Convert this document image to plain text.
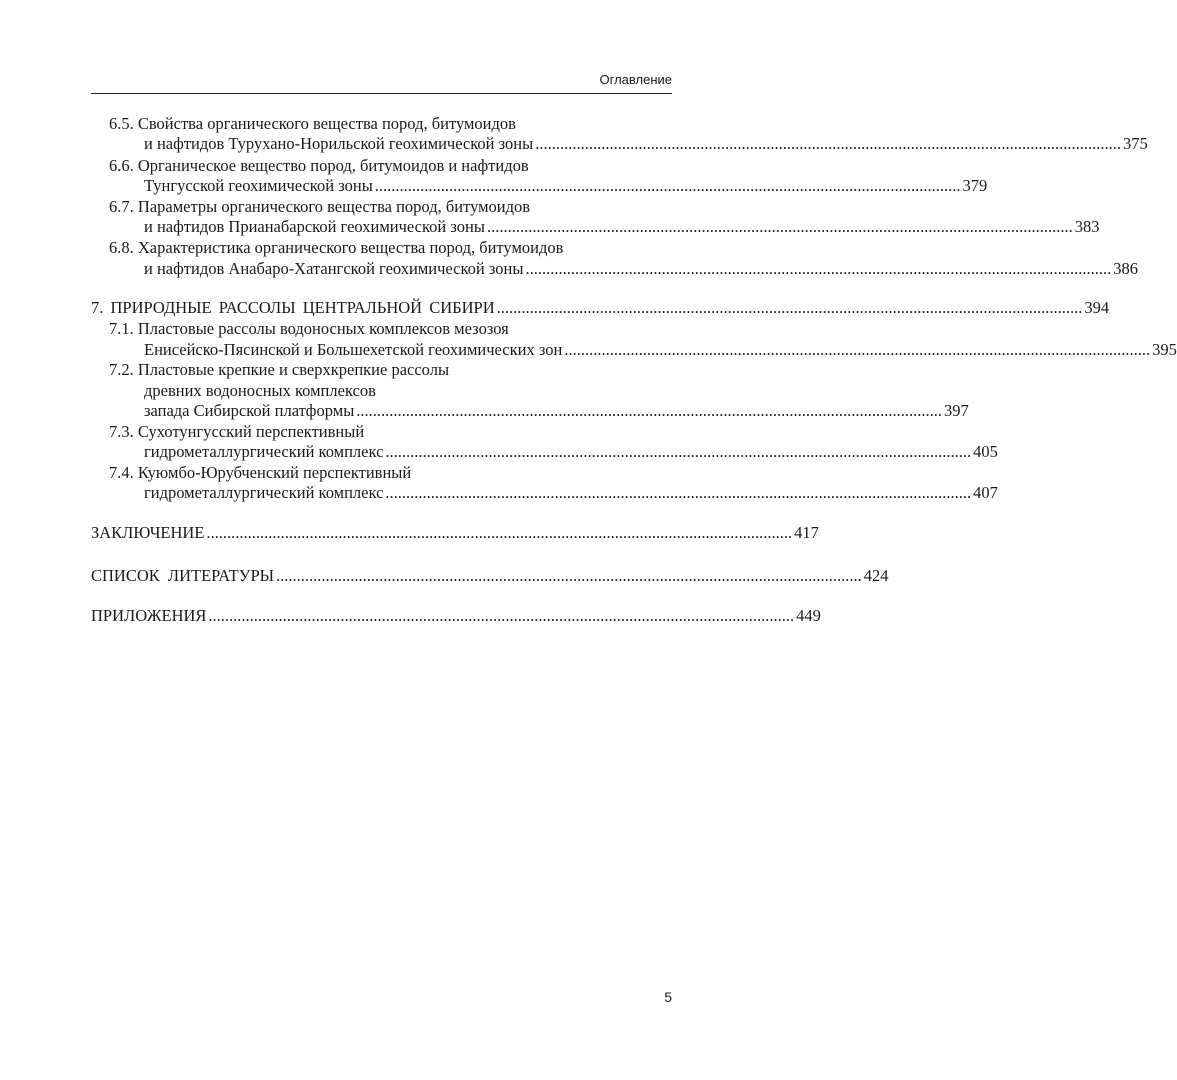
Оглавление
6.5. Свойства органического вещества пород, битумоидов
и нафтидов Турухано-Норильской геохимической зоны .............................................................................................................................................. 375
6.6. Органическое вещество пород, битумоидов и нафтидов
Тунгусской геохимической зоны .............................................................................................................................................. 379
6.7. Параметры органического вещества пород, битумоидов
и нафтидов Прианабарской геохимической зоны .............................................................................................................................................. 383
6.8. Характеристика органического вещества пород, битумоидов
и нафтидов Анабаро-Хатангской геохимической зоны .............................................................................................................................................. 386
7. ПРИРОДНЫЕ РАССОЛЫ ЦЕНТРАЛЬНОЙ СИБИРИ .............................................................................................................................................. 394
7.1. Пластовые рассолы водоносных комплексов мезозоя
Енисейско-Пясинской и Большехетской геохимических зон .............................................................................................................................................. 395
7.2. Пластовые крепкие и сверхкрепкие рассолы
древних водоносных комплексов
запада Сибирской платформы .............................................................................................................................................. 397
7.3. Сухотунгусский перспективный
гидрометаллургический комплекс .............................................................................................................................................. 405
7.4. Куюмбо-Юрубченский перспективный
гидрометаллургический комплекс .............................................................................................................................................. 407
ЗАКЛЮЧЕНИЕ .............................................................................................................................................. 417
СПИСОК ЛИТЕРАТУРЫ .............................................................................................................................................. 424
ПРИЛОЖЕНИЯ .............................................................................................................................................. 449
5
